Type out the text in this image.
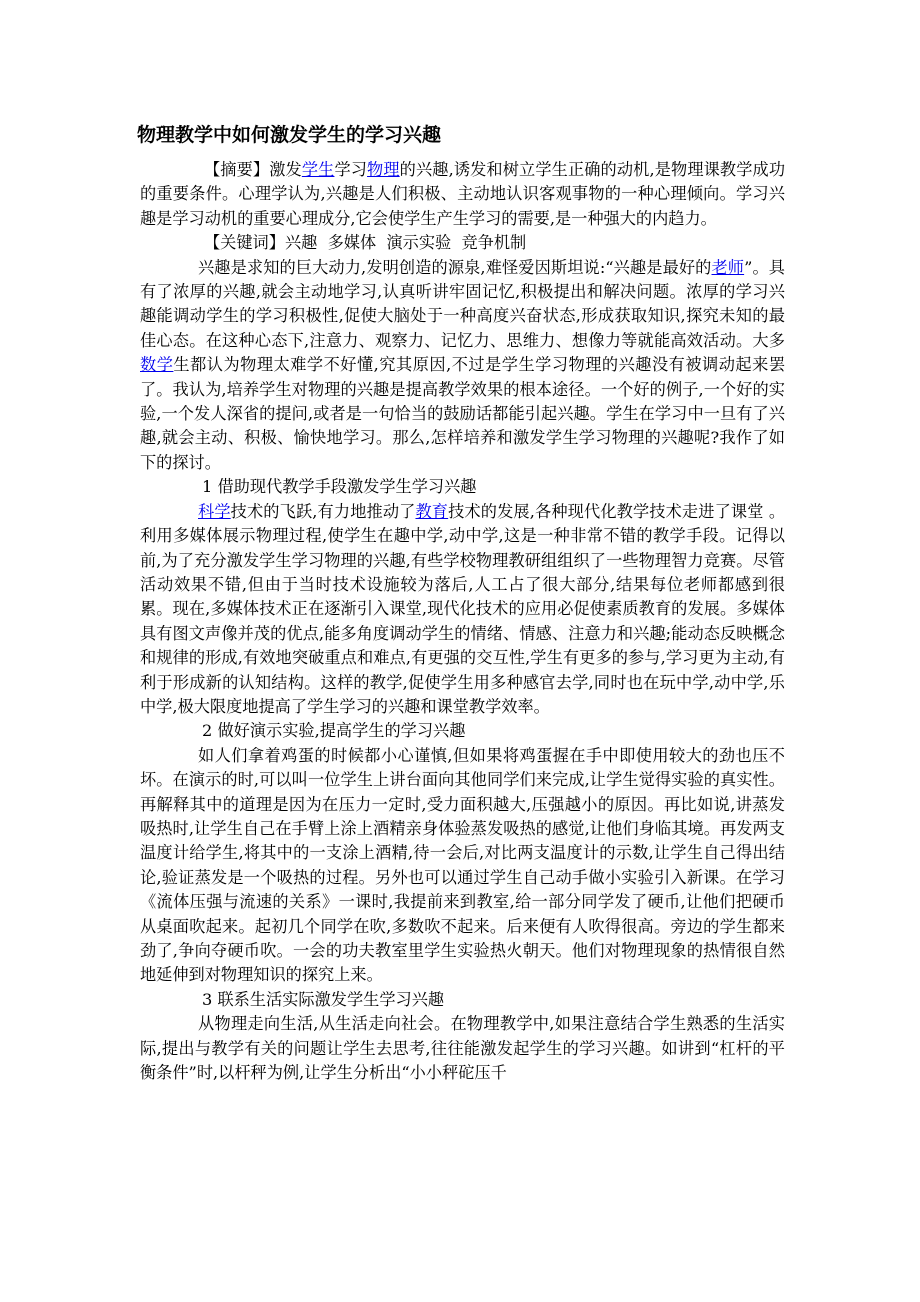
物理教学中如何激发学生的学习兴趣

【摘要】激发学生学习物理的兴趣,诱发和树立学生正确的动机,是物理课教学成功的重要条件。心理学认为,兴趣是人们积极、主动地认识客观事物的一种心理倾向。学习兴趣是学习动机的重要心理成分,它会使学生产生学习的需要,是一种强大的内趋力。

【关键词】兴趣  多媒体  演示实验  竞争机制

兴趣是求知的巨大动力,发明创造的源泉,难怪爱因斯坦说:“兴趣是最好的老师”。具有了浓厚的兴趣,就会主动地学习,认真听讲牢固记忆,积极提出和解决问题。浓厚的学习兴趣能调动学生的学习积极性,促使大脑处于一种高度兴奋状态,形成获取知识,探究未知的最佳心态。在这种心态下,注意力、观察力、记忆力、思维力、想像力等就能高效活动。大多数学生都认为物理太难学不好懂,究其原因,不过是学生学习物理的兴趣没有被调动起来罢了。我认为,培养学生对物理的兴趣是提高教学效果的根本途径。一个好的例子,一个好的实验,一个发人深省的提问,或者是一句恰当的鼓励话都能引起兴趣。学生在学习中一旦有了兴趣,就会主动、积极、愉快地学习。那么,怎样培养和激发学生学习物理的兴趣呢?我作了如下的探讨。

1 借助现代教学手段激发学生学习兴趣

科学技术的飞跃,有力地推动了教育技术的发展,各种现代化教学技术走进了课堂 。利用多媒体展示物理过程,使学生在趣中学,动中学,这是一种非常不错的教学手段。记得以前,为了充分激发学生学习物理的兴趣,有些学校物理教研组组织了一些物理智力竞赛。尽管活动效果不错,但由于当时技术设施较为落后,人工占了很大部分,结果每位老师都感到很累。现在,多媒体技术正在逐渐引入课堂,现代化技术的应用必促使素质教育的发展。多媒体具有图文声像并茂的优点,能多角度调动学生的情绪、情感、注意力和兴趣;能动态反映概念和规律的形成,有效地突破重点和难点,有更强的交互性,学生有更多的参与,学习更为主动,有利于形成新的认知结构。这样的教学,促使学生用多种感官去学,同时也在玩中学,动中学,乐中学,极大限度地提高了学生学习的兴趣和课堂教学效率。

2 做好演示实验,提高学生的学习兴趣

如人们拿着鸡蛋的时候都小心谨慎,但如果将鸡蛋握在手中即使用较大的劲也压不坏。在演示的时,可以叫一位学生上讲台面向其他同学们来完成,让学生觉得实验的真实性。再解释其中的道理是因为在压力一定时,受力面积越大,压强越小的原因。再比如说,讲蒸发吸热时,让学生自己在手臂上涂上酒精亲身体验蒸发吸热的感觉,让他们身临其境。再发两支温度计给学生,将其中的一支涂上酒精,待一会后,对比两支温度计的示数,让学生自己得出结论,验证蒸发是一个吸热的过程。另外也可以通过学生自己动手做小实验引入新课。在学习《流体压强与流速的关系》一课时,我提前来到教室,给一部分同学发了硬币,让他们把硬币从桌面吹起来。起初几个同学在吹,多数吹不起来。后来便有人吹得很高。旁边的学生都来劲了,争向夺硬币吹。一会的功夫教室里学生实验热火朝天。他们对物理现象的热情很自然地延伸到对物理知识的探究上来。

3 联系生活实际激发学生学习兴趣

从物理走向生活,从生活走向社会。在物理教学中,如果注意结合学生熟悉的生活实际,提出与教学有关的问题让学生去思考,往往能激发起学生的学习兴趣。如讲到“杠杆的平衡条件”时,以杆秤为例,让学生分析出“小小秤砣压千
